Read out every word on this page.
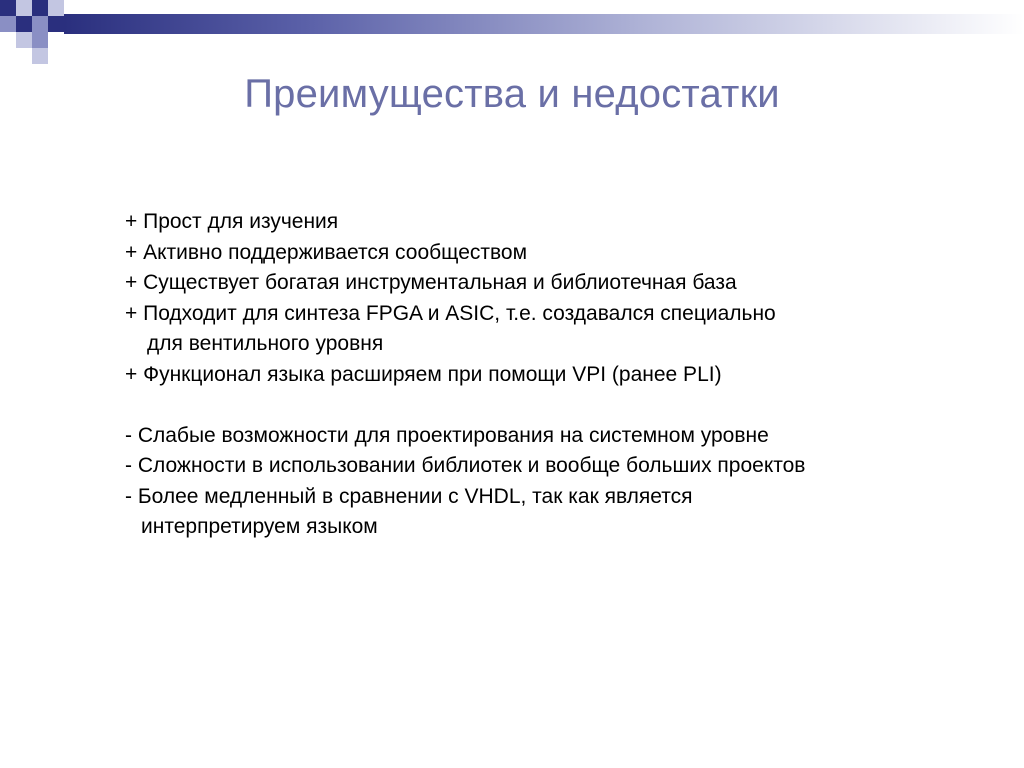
Преимущества и недостатки
+ Прост для изучения
+ Активно поддерживается сообществом
+ Существует богатая инструментальная и библиотечная база
+ Подходит для синтеза FPGA и ASIC, т.е. создавался специально
для вентильного уровня
+ Функционал языка расширяем при помощи VPI (ранее PLI)
- Слабые возможности для проектирования на системном уровне
- Сложности в использовании библиотек и вообще больших проектов
- Более медленный в сравнении с VHDL, так как является
интерпретируем языком
